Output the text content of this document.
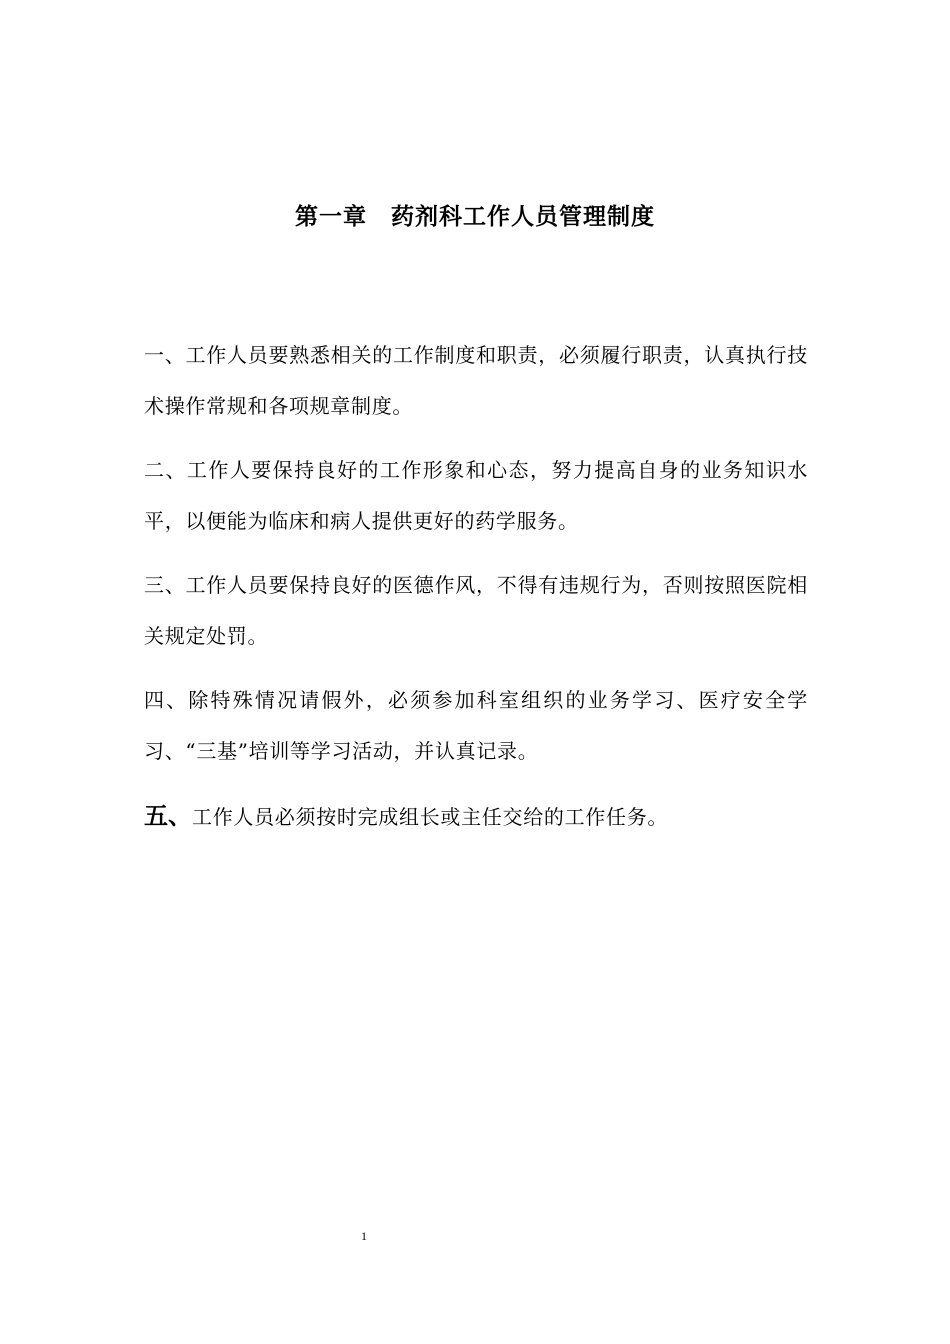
第一章　药剂科工作人员管理制度

一、工作人员要熟悉相关的工作制度和职责，必须履行职责，认真执行技术操作常规和各项规章制度。

二、工作人要保持良好的工作形象和心态，努力提高自身的业务知识水平，以便能为临床和病人提供更好的药学服务。

三、工作人员要保持良好的医德作风，不得有违规行为，否则按照医院相关规定处罚。

四、除特殊情况请假外，必须参加科室组织的业务学习、医疗安全学习、“三基”培训等学习活动，并认真记录。

五、工作人员必须按时完成组长或主任交给的工作任务。

1
